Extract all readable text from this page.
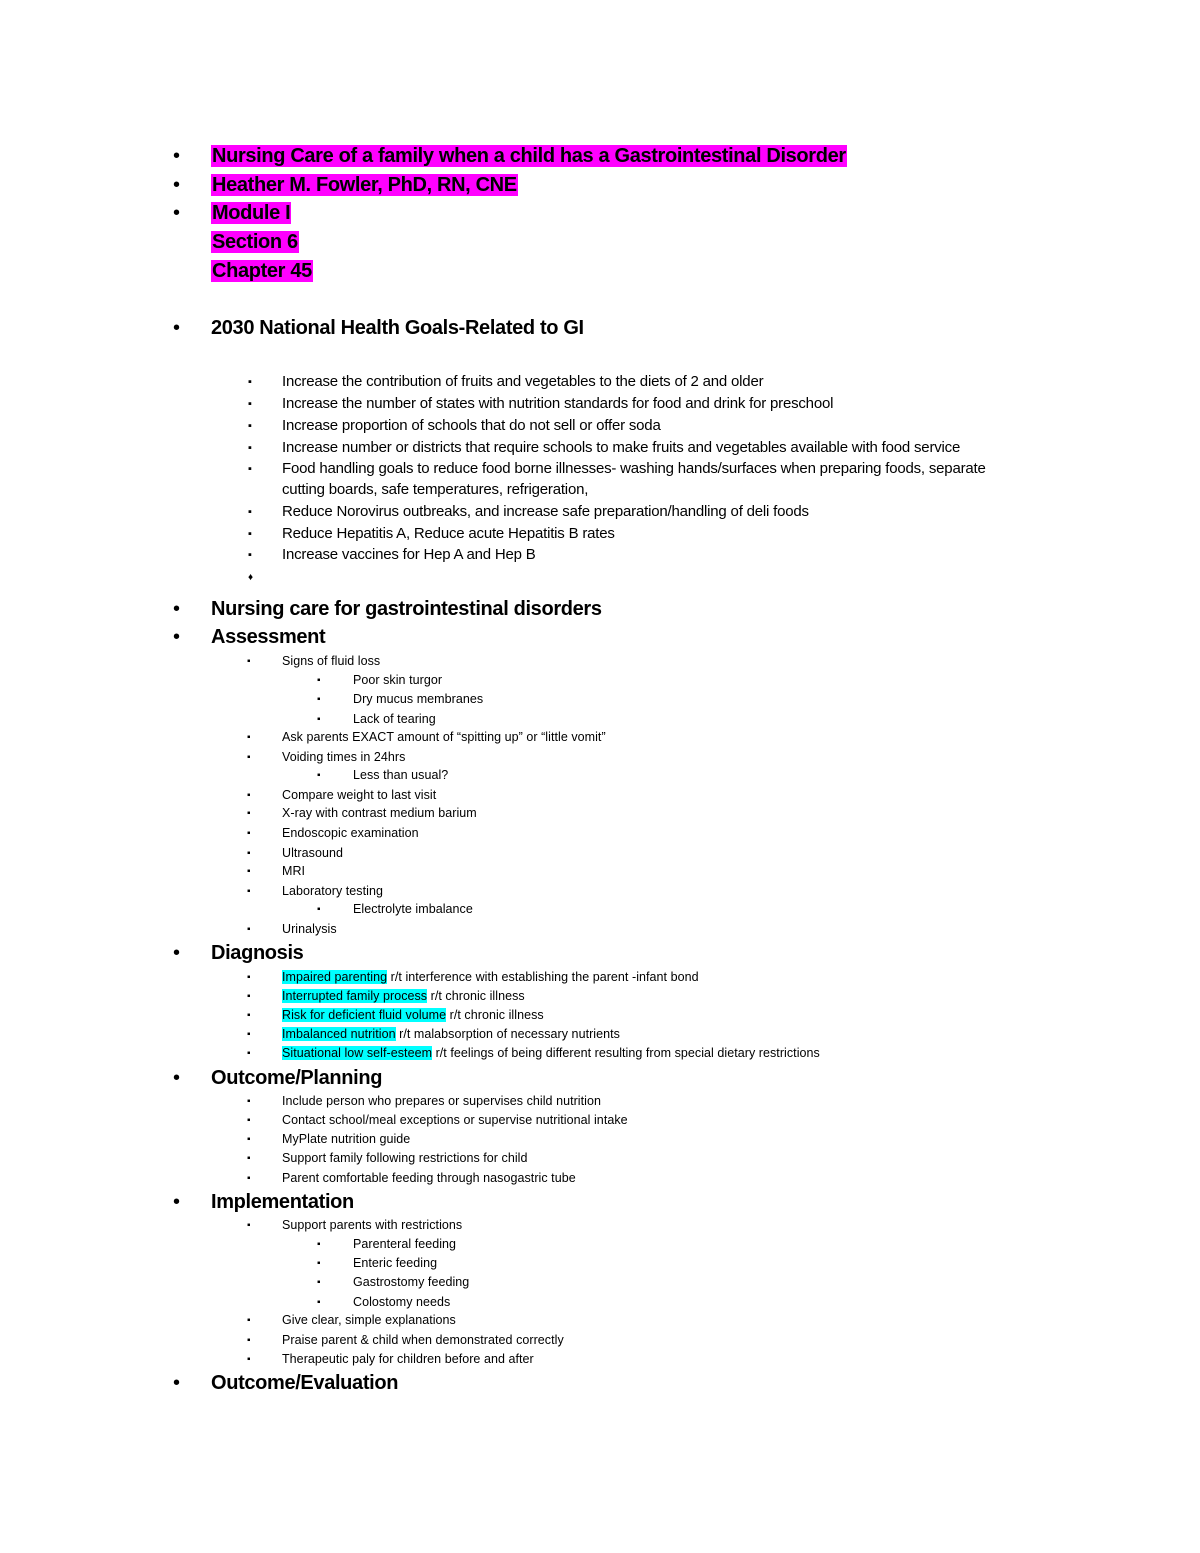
• Nursing Care of a family when a child has a Gastrointestinal Disorder
• Heather M. Fowler, PhD, RN, CNE
• Module I
Section 6
Chapter 45
• 2030 National Health Goals-Related to GI
▪ Increase the contribution of fruits and vegetables to the diets of 2 and older
▪ Increase the number of states with nutrition standards for food and drink for preschool
▪ Increase proportion of schools that do not sell or offer soda
▪ Increase number or districts that require schools to make fruits and vegetables available with food service
▪ Food handling goals to reduce food borne illnesses- washing hands/surfaces when preparing foods, separate
cutting boards, safe temperatures, refrigeration,
▪ Reduce Norovirus outbreaks, and increase safe preparation/handling of deli foods
▪ Reduce Hepatitis A, Reduce acute Hepatitis B rates
▪ Increase vaccines for Hep A and Hep B
♦
• Nursing care for gastrointestinal disorders
• Assessment
▪	Signs of fluid loss
▪	Poor skin turgor
▪	Dry mucus membranes
▪	Lack of tearing
▪	Ask parents EXACT amount of “spitting up” or “little vomit”
▪	Voiding times in 24hrs
▪	Less than usual?
▪	Compare weight to last visit
▪	X-ray with contrast medium barium
▪	Endoscopic examination
▪	Ultrasound
▪	MRI
▪	Laboratory testing
▪	Electrolyte imbalance
▪	Urinalysis
• Diagnosis
▪	Impaired parenting r/t interference with establishing the parent -infant bond
▪	Interrupted family process r/t chronic illness
▪	Risk for deficient fluid volume r/t chronic illness
▪	Imbalanced nutrition r/t malabsorption of necessary nutrients
▪	Situational low self-esteem r/t feelings of being different resulting from special dietary restrictions
• Outcome/Planning
▪	Include person who prepares or supervises child nutrition
▪	Contact school/meal exceptions or supervise nutritional intake
▪	MyPlate nutrition guide
▪	Support family following restrictions for child
▪	Parent comfortable feeding through nasogastric tube
• Implementation
▪	Support parents with restrictions
▪	Parenteral feeding
▪	Enteric feeding
▪	Gastrostomy feeding
▪	Colostomy needs
▪	Give clear, simple explanations
▪	Praise parent & child when demonstrated correctly
▪	Therapeutic paly for children before and after
• Outcome/Evaluation
